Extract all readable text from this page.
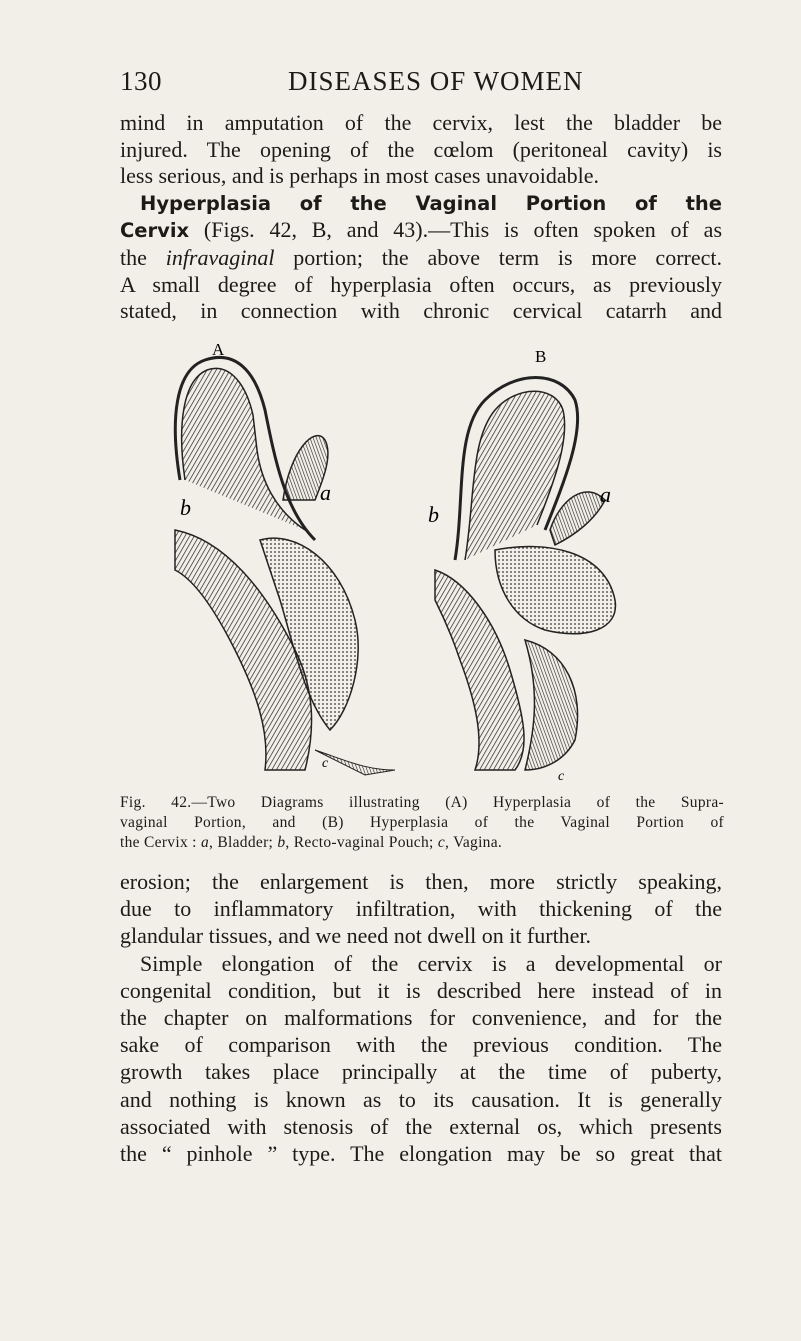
130	DISEASES OF WOMEN
mind in amputation of the cervix, lest the bladder be
injured. The opening of the cœlom (peritoneal cavity) is
less serious, and is perhaps in most cases unavoidable.
Hyperplasia of the Vaginal Portion of the
Cervix (Figs. 42, B, and 43).—This is often spoken of as
the infravaginal portion; the above term is more correct.
A small degree of hyperplasia often occurs, as previously
stated, in connection with chronic cervical catarrh and
A
a
b
c
B
a
b
c
Fig. 42.—Two Diagrams illustrating (A) Hyperplasia of the Supra-
vaginal Portion, and (B) Hyperplasia of the Vaginal Portion of
the Cervix : a, Bladder; b, Recto-vaginal Pouch; c, Vagina.
erosion; the enlargement is then, more strictly speaking,
due to inflammatory infiltration, with thickening of the
glandular tissues, and we need not dwell on it further.
Simple elongation of the cervix is a developmental or
congenital condition, but it is described here instead of in
the chapter on malformations for convenience, and for the
sake of comparison with the previous condition. The
growth takes place principally at the time of puberty,
and nothing is known as to its causation. It is generally
associated with stenosis of the external os, which presents
the “ pinhole ” type. The elongation may be so great that
